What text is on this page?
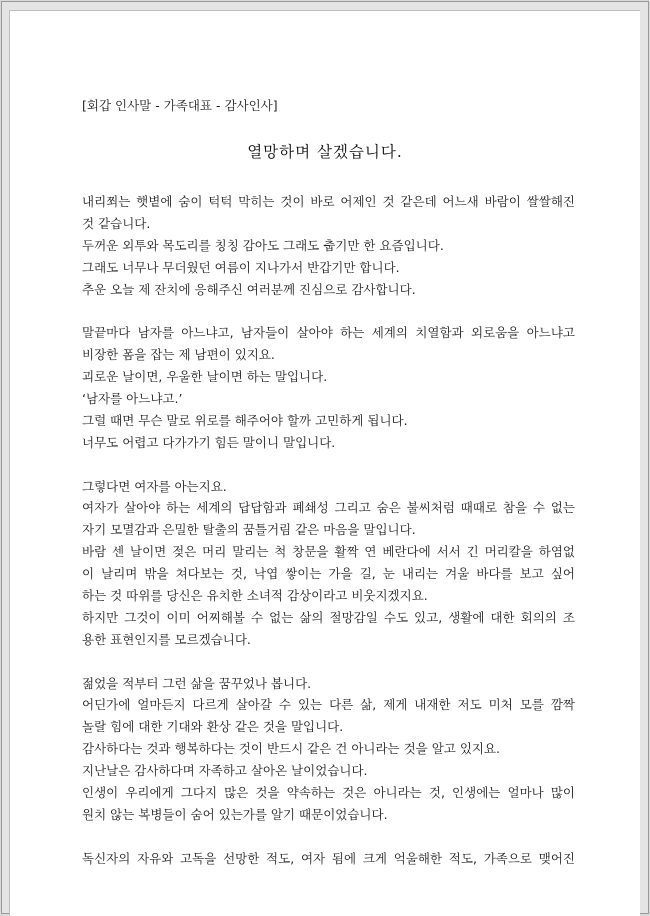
[회갑 인사말 - 가족대표 - 감사인사]
열망하며 살겠습니다.
내리쬐는 햇볕에 숨이 턱턱 막히는 것이 바로 어제인 것 같은데 어느새 바람이 쌀쌀해진
것 같습니다.
두꺼운 외투와 목도리를 칭칭 감아도 그래도 춥기만 한 요즘입니다.
그래도 너무나 무더웠던 여름이 지나가서 반갑기만 합니다.
추운 오늘 제 잔치에 응해주신 여러분께 진심으로 감사합니다.
말끝마다 남자를 아느냐고, 남자들이 살아야 하는 세계의 치열함과 외로움을 아느냐고
비장한 폼을 잡는 제 남편이 있지요.
괴로운 날이면, 우울한 날이면 하는 말입니다.
‘남자를 아느냐고.’
그럴 때면 무슨 말로 위로를 해주어야 할까 고민하게 됩니다.
너무도 어렵고 다가가기 힘든 말이니 말입니다.
그렇다면 여자를 아는지요.
여자가 살아야 하는 세계의 답답함과 폐쇄성 그리고 숨은 불씨처럼 때때로 참을 수 없는
자기 모멸감과 은밀한 탈출의 꿈틀거림 같은 마음을 말입니다.
바람 센 날이면 젖은 머리 말리는 척 창문을 활짝 연 베란다에 서서 긴 머리칼을 하염없
이 날리며 밖을 쳐다보는 것, 낙엽 쌓이는 가을 길, 눈 내리는 겨울 바다를 보고 싶어
하는 것 따위를 당신은 유치한 소녀적 감상이라고 비웃지겠지요.
하지만 그것이 이미 어찌해볼 수 없는 삶의 절망감일 수도 있고, 생활에 대한 회의의 조
용한 표현인지를 모르겠습니다.
젊었을 적부터 그런 삶을 꿈꾸었나 봅니다.
어딘가에 얼마든지 다르게 살아갈 수 있는 다른 삶, 제게 내재한 저도 미처 모를 깜짝
놀랄 힘에 대한 기대와 환상 같은 것을 말입니다.
감사하다는 것과 행복하다는 것이 반드시 같은 건 아니라는 것을 알고 있지요.
지난날은 감사하다며 자족하고 살아온 날이었습니다.
인생이 우리에게 그다지 많은 것을 약속하는 것은 아니라는 것, 인생에는 얼마나 많이
원치 않는 복병들이 숨어 있는가를 알기 때문이었습니다.
독신자의 자유와 고독을 선망한 적도, 여자 됨에 크게 억울해한 적도, 가족으로 맺어진
